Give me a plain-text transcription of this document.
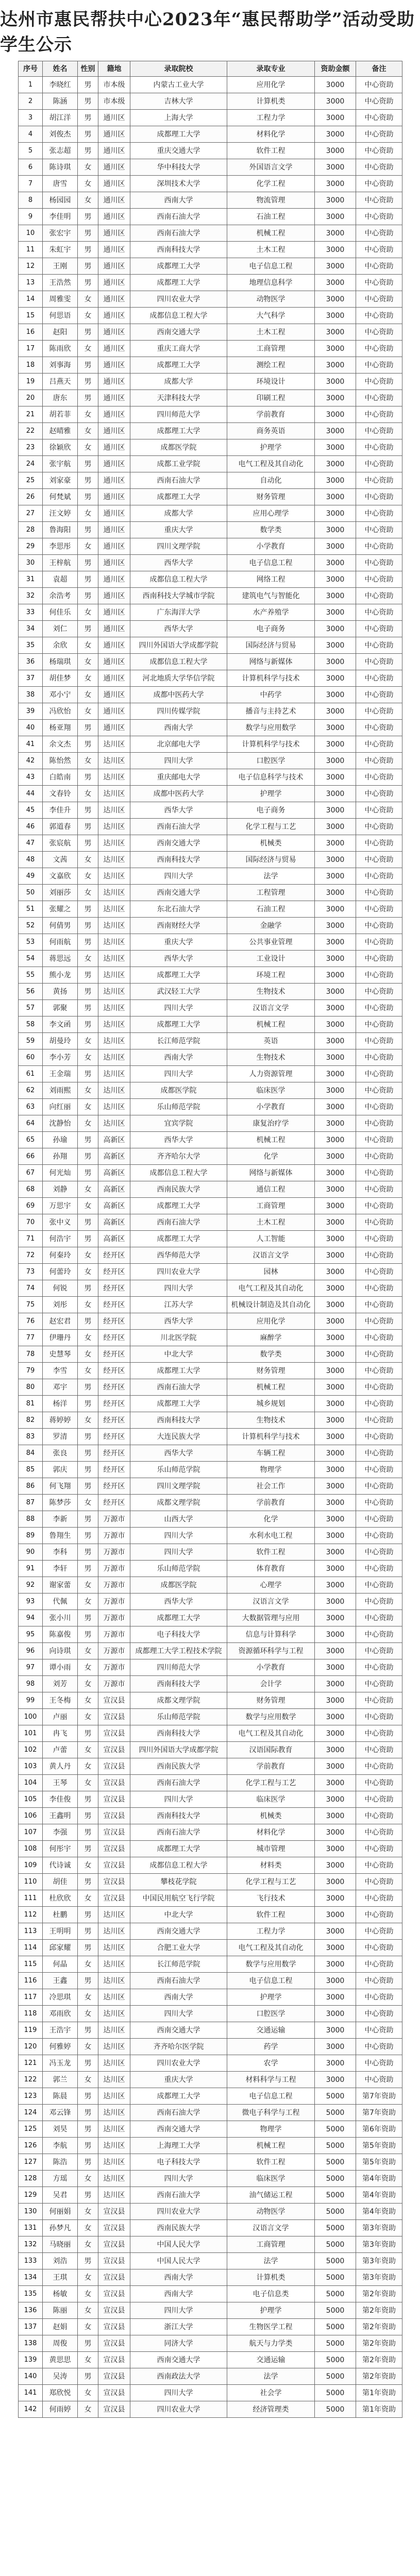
达州市惠民帮扶中心2023年“惠民帮助学”活动受助学生公示
序号	姓名	性别	籍地	录取院校	录取专业	资助金额	备注
1	李晓红	男	市本级	内蒙古工业大学	应用化学	3000	中心资助
2	陈涵	男	市本级	吉林大学	计算机类	3000	中心资助
3	胡江洋	男	通川区	上海大学	工程力学	3000	中心资助
4	刘俊杰	男	通川区	成都理工大学	材料化学	3000	中心资助
5	张志超	男	通川区	重庆交通大学	软件工程	3000	中心资助
6	陈诗琪	女	通川区	华中科技大学	外国语言文学	3000	中心资助
7	唐雪	女	通川区	深圳技术大学	化学工程	3000	中心资助
8	杨园园	女	通川区	西南大学	物流管理	3000	中心资助
9	李佳明	男	通川区	西南石油大学	石油工程	3000	中心资助
10	张宏宇	男	通川区	西南石油大学	机械工程	3000	中心资助
11	朱虹宇	男	通川区	西南科技大学	土木工程	3000	中心资助
12	王刚	男	通川区	成都理工大学	电子信息工程	3000	中心资助
13	王浩然	男	通川区	成都理工大学	地理信息科学	3000	中心资助
14	周雅雯	女	通川区	四川农业大学	动物医学	3000	中心资助
15	何思语	女	通川区	成都信息工程大学	大气科学	3000	中心资助
16	赵阳	男	通川区	西南交通大学	土木工程	3000	中心资助
17	陈雨欣	女	通川区	重庆工商大学	工商管理	3000	中心资助
18	刘事海	男	通川区	成都理工大学	测绘工程	3000	中心资助
19	吕燕天	男	通川区	成都大学	环境设计	3000	中心资助
20	唐东	男	通川区	天津科技大学	印刷工程	3000	中心资助
21	胡若菲	女	通川区	四川师范大学	学前教育	3000	中心资助
22	赵晴雅	女	通川区	成都理工大学	商务英语	3000	中心资助
23	徐颖欣	女	通川区	成都医学院	护理学	3000	中心资助
24	张宇航	男	通川区	成都工业学院	电气工程及其自动化	3000	中心资助
25	刘家豪	男	通川区	西南石油大学	自动化	3000	中心资助
26	何梵斌	男	通川区	成都理工大学	财务管理	3000	中心资助
27	汪文婷	女	通川区	成都大学	应用心理学	3000	中心资助
28	鲁海阳	男	通川区	重庆大学	数学类	3000	中心资助
29	李思彤	女	通川区	四川文理学院	小学教育	3000	中心资助
30	王梓航	男	通川区	西华大学	电子信息工程	3000	中心资助
31	袁超	男	通川区	成都信息工程大学	网络工程	3000	中心资助
32	余浩考	男	通川区	西南科技大学城市学院	建筑电气与智能化	3000	中心资助
33	何佳乐	女	通川区	广东海洋大学	水产养殖学	3000	中心资助
34	刘仁	男	通川区	西华大学	电子商务	3000	中心资助
35	余欣	女	通川区	四川外国语大学成都学院	国际经济与贸易	3000	中心资助
36	杨瑞琪	女	通川区	成都信息工程大学	网络与新媒体	3000	中心资助
37	胡佳梦	女	通川区	河北地质大学华信学院	计算机科学与技术	3000	中心资助
38	邓小宁	女	通川区	成都中医药大学	中药学	3000	中心资助
39	冯欣怡	女	通川区	四川传媒学院	播音与主持艺术	3000	中心资助
40	杨亚翔	男	通川区	西南大学	数学与应用数学	3000	中心资助
41	余文杰	男	达川区	北京邮电大学	计算机科学与技术	3000	中心资助
42	陈怡然	女	达川区	四川大学	口腔医学	3000	中心资助
43	白皓南	男	达川区	重庆邮电大学	电子信息科学与技术	3000	中心资助
44	文春铃	女	达川区	成都中医药大学	护理学	3000	中心资助
45	李佳升	男	达川区	西华大学	电子商务	3000	中心资助
46	郭道春	男	达川区	西南石油大学	化学工程与工艺	3000	中心资助
47	张宸航	男	达川区	西南交通大学	机械类	3000	中心资助
48	文茜	女	达川区	西南科技大学	国际经济与贸易	3000	中心资助
49	文嘉欣	女	达川区	四川大学	法学	3000	中心资助
50	刘丽莎	女	达川区	西南交通大学	工程管理	3000	中心资助
51	张耀之	男	达川区	东北石油大学	石油工程	3000	中心资助
52	何倩男	男	达川区	西南财经大学	金融学	3000	中心资助
53	何雨航	男	达川区	重庆大学	公共事业管理	3000	中心资助
54	蒋思远	女	达川区	西华大学	工业设计	3000	中心资助
55	熊小龙	男	达川区	成都理工大学	环境工程	3000	中心资助
56	黄扬	男	达川区	武汉轻工大学	生物技术	3000	中心资助
57	郭聚	男	达川区	四川大学	汉语言文学	3000	中心资助
58	李文函	男	达川区	成都理工大学	机械工程	3000	中心资助
59	胡曼玲	女	达川区	长江师范学院	英语	3000	中心资助
60	李小芳	女	达川区	西南大学	生物技术	3000	中心资助
61	王金瑞	男	达川区	四川大学	人力资源管理	3000	中心资助
62	刘雨熙	女	达川区	成都医学院	临床医学	3000	中心资助
63	向红丽	女	达川区	乐山师范学院	小学教育	3000	中心资助
64	沈静怡	女	达川区	宜宾学院	康复治疗学	3000	中心资助
65	孙瑜	男	高新区	西华大学	机械工程	3000	中心资助
66	孙翔	男	高新区	齐齐哈尔大学	化学	3000	中心资助
67	何光灿	男	高新区	成都信息工程大学	网络与新媒体	3000	中心资助
68	刘静	女	高新区	西南民族大学	通信工程	3000	中心资助
69	万思宇	女	高新区	成都理工大学	工商管理	3000	中心资助
70	张中义	男	高新区	西南石油大学	土木工程	3000	中心资助
71	何浩宇	男	高新区	成都理工大学	人工智能	3000	中心资助
72	何秦玲	女	经开区	西华师范大学	汉语言文学	3000	中心资助
73	何蕾玲	女	经开区	四川农业大学	园林	3000	中心资助
74	何锐	男	经开区	四川大学	电气工程及其自动化	3000	中心资助
75	刘彤	女	经开区	江苏大学	机械设计制造及其自动化	3000	中心资助
76	赵宏君	男	经开区	西华大学	应用化学	3000	中心资助
77	伊珊丹	女	经开区	川北医学院	麻醉学	3000	中心资助
78	史慧琴	女	经开区	中北大学	数学类	3000	中心资助
79	李雪	女	经开区	成都理工大学	财务管理	3000	中心资助
80	邓宇	男	经开区	西南石油大学	机械工程	3000	中心资助
81	杨洋	男	经开区	成都理工大学	城乡规划	3000	中心资助
82	蒋婷婷	女	经开区	西南科技大学	生物技术	3000	中心资助
83	罗清	男	经开区	大连民族大学	计算机科学与技术	3000	中心资助
84	张良	男	经开区	西华大学	车辆工程	3000	中心资助
85	郭庆	男	经开区	乐山师范学院	物理学	3000	中心资助
86	何飞翔	男	经开区	四川文理学院	社会工作	3000	中心资助
87	陈梦莎	女	经开区	成都文理学院	学前教育	3000	中心资助
88	李新	男	万源市	山西大学	化学	3000	中心资助
89	鲁翔生	男	万源市	四川大学	水利水电工程	3000	中心资助
90	李科	男	万源市	四川大学	软件工程	3000	中心资助
91	李轩	男	万源市	乐山师范学院	体育教育	3000	中心资助
92	谢家蕾	女	万源市	成都医学院	心理学	3000	中心资助
93	代佩	女	万源市	西华大学	汉语言文学	3000	中心资助
94	张小川	男	万源市	成都理工大学	大数据管理与应用	3000	中心资助
95	陈嘉俊	男	万源市	电子科技大学	信息与计算科学	3000	中心资助
96	向诗琪	女	万源市	成都理工大学工程技术学院	资源循环科学与工程	3000	中心资助
97	谭小雨	女	万源市	四川师范大学	小学教育	3000	中心资助
98	刘芳	女	万源市	西南科技大学	会计学	3000	中心资助
99	王冬梅	女	宣汉县	成都文理学院	财务管理	3000	中心资助
100	卢丽	女	宣汉县	乐山师范学院	数学与应用数学	3000	中心资助
101	冉飞	男	宣汉县	西南科技大学	电气工程及其自动化	3000	中心资助
102	卢蕾	女	宣汉县	四川外国语大学成都学院	汉语国际教育	3000	中心资助
103	黄人丹	女	宣汉县	西南民族大学	学前教育	3000	中心资助
104	王琴	女	宣汉县	西南石油大学	化学工程与工艺	3000	中心资助
105	李佳俊	男	宣汉县	四川大学	临床医学	3000	中心资助
106	王鑫明	男	宣汉县	西南科技大学	机械类	3000	中心资助
107	李强	男	宣汉县	西南石油大学	材料化学	3000	中心资助
108	何彤宇	男	宣汉县	成都理工大学	城市管理	3000	中心资助
109	代诗诚	女	宣汉县	成都信息工程大学	材料类	3000	中心资助
110	胡佳	男	宣汉县	攀枝花学院	化学工程与工艺	3000	中心资助
111	杜欣欣	女	宣汉县	中国民用航空飞行学院	飞行技术	3000	中心资助
112	杜鹏	男	达川区	中北大学	软件工程	3000	中心资助
113	王明明	男	达川区	西南交通大学	工程力学	3000	中心资助
114	邱家耀	男	达川区	合肥工业大学	电气工程及其自动化	3000	中心资助
115	何晶	女	达川区	长江师范学院	数学与应用数学	3000	中心资助
116	王鑫	男	达川区	西南石油大学	电子信息工程	3000	中心资助
117	冷思琪	女	达川区	西南大学	护理学	3000	中心资助
118	邓雨欣	女	达川区	四川大学	口腔医学	3000	中心资助
119	王浩宇	男	达川区	西南交通大学	交通运输	3000	中心资助
120	何雅婷	女	达川区	齐齐哈尔医学院	药学	3000	中心资助
121	冯玉龙	男	达川区	四川农业大学	农学	3000	中心资助
122	郭兰	女	达川区	重庆大学	材料科学与工程	3000	中心资助
123	陈晨	男	达川区	成都理工大学	电子信息工程	5000	第7年资助
124	邓云锋	男	达川区	西南石油大学	微电子科学与工程	5000	第7年资助
125	刘昊	男	达川区	西南交通大学	物理学	5000	第6年资助
126	李航	男	达川区	上海理工大学	机械工程	5000	第5年资助
127	陈浩	男	达川区	电子科技大学	软件工程	5000	第5年资助
128	方瑶	女	达川区	四川大学	临床医学	5000	第4年资助
129	吴君	男	达川区	西南石油大学	油气储运工程	5000	第4年资助
130	何丽娟	女	宣汉县	四川农业大学	动物医学	5000	第4年资助
131	孙梦凡	女	宣汉县	西南民族大学	汉语言文学	5000	第3年资助
132	马晓丽	女	宣汉县	中国人民大学	工商管理	5000	第3年资助
133	刘浩	男	宣汉县	中国人民大学	法学	5000	第3年资助
134	王琪	女	宣汉县	西南大学	计算机类	5000	第3年资助
135	杨敏	女	宣汉县	西南大学	电子信息类	5000	第2年资助
136	陈丽	女	宣汉县	四川大学	护理学	5000	第2年资助
137	赵娟	女	宣汉县	浙江大学	生物医学工程	5000	第2年资助
138	周俊	男	宣汉县	同济大学	航天与力学类	5000	第2年资助
139	黄思思	女	宣汉县	西南交通大学	交通运输	5000	第2年资助
140	吴涛	男	宣汉县	西南政法大学	法学	5000	第2年资助
141	郑欣悦	女	宣汉县	四川大学	社会学	5000	第1年资助
142	何雨婷	女	宣汉县	四川农业大学	经济管理类	5000	第1年资助
